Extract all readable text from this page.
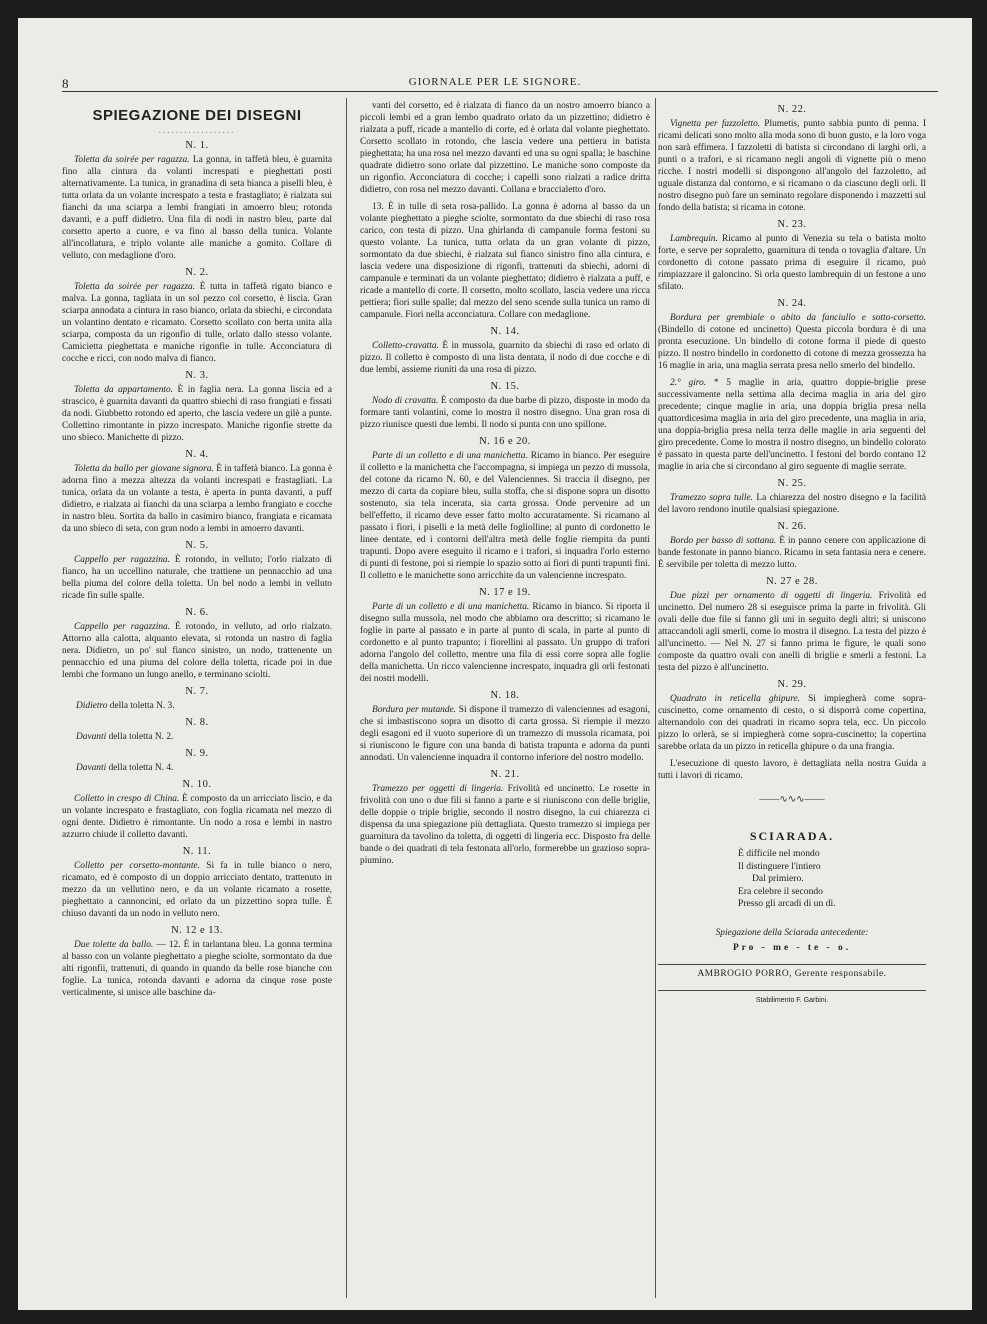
8	GIORNALE PER LE SIGNORE.
SPIEGAZIONE DEI DISEGNI
..................
N. 1.

Toletta da soirée per ragazza. La gonna, in taffetà bleu, è guarnita fino alla cintura da volanti increspati e pieghettati posti alternativamente. La tunica, in granadina di seta bianca a piselli bleu, è tutta orlata da un volante increspato a testa e frastagliato; è rialzata sui fianchi da una sciarpa a lembi frangiati in amoerro bleu; rotonda davanti, e a puff didietro. Una fila di nodi in nastro bleu, parte dal corsetto aperto a cuore, e va fino al basso della tunica. Volante all'incollatura, e triplo volante alle maniche a gomito. Collare di velluto, con medaglione d'oro.

N. 2.

Toletta da soirée per ragazza. È tutta in taffetà rigato bianco e malva. La gonna, tagliata in un sol pezzo col corsetto, è liscia. Gran sciarpa annodata a cintura in raso bianco, orlata da sbiechi, e circondata un volantino dentato e ricamato. Corsetto scollato con berta unita alla sciarpa, composta da un rigonfio di tulle, orlato dallo stesso volante. Camicietta pieghettata e maniche rigonfie in tulle. Acconciatura di cocche e ricci, con nodo malva di fianco.

N. 3.

Toletta da appartamento. È in faglia nera. La gonna liscia ed a strascico, è guarnita davanti da quattro sbiechi di raso frangiati e fissati da nodi. Giubbetto rotondo ed aperto, che lascia vedere un gilè a punte. Collettino rimontante in pizzo increspato. Maniche rigonfie strette da uno sbieco. Manichette di pizzo.

N. 4.

Toletta da ballo per giovane signora. È in taffetà bianco. La gonna è adorna fino a mezza altezza da volanti increspati e frastagliati. La tunica, orlata da un volante a testa, è aperta in punta davanti, a puff didietro, e rialzata ai fianchi da una sciarpa a lembo frangiato e cocche in nastro bleu. Sortita da ballo in casimiro bianco, frangiata e ricamata da uno sbieco di seta, con gran nodo a lembi in amoerro davanti.

N. 5.

Cappello per ragazzina. È rotondo, in velluto; l'orlo rialzato di fianco, ha un uccellino naturale, che trattiene un pennacchio ad una bella piuma del colore della toletta. Un bel nodo a lembi in velluto ricade fin sulle spalle.

N. 6.

Cappello per ragazzina. È rotondo, in velluto, ad orlo rialzato. Attorno alla calotta, alquanto elevata, si rotonda un nastro di faglia nera. Didietro, un po' sul fianco sinistro, un nodo, trattenente un pennacchio ed una piuma del colore della toletta, ricade poi in due lembi che formano un lungo anello, e terminano sciolti.

N. 7.

Didietro della toletta N. 3.

N. 8.

Davanti della toletta N. 2.

N. 9.

Davanti della toletta N. 4.

N. 10.

Colletto in crespo di China. È composto da un arricciato liscio, e da un volante increspato e frastagliato, con foglia ricamata nel mezzo di ogni dente. Didietro è rimontante. Un nodo a rosa e lembi in nastro azzurro chiude il colletto davanti.

N. 11.

Colletto per corsetto-montante. Si fa in tulle bianco o nero, ricamato, ed è composto di un doppio arricciato dentato, trattenuto in mezzo da un vellutino nero, e da un volante ricamato a rosette, pieghettato a cannoncini, ed orlato da un pizzettino sopra tulle. È chiuso davanti da un nodo in velluto nero.

N. 12 e 13.

Due tolette da ballo. — 12. È in tarlantana bleu. La gonna termina al basso con un volante pieghettato a pieghe sciolte, sormontato da due alti rigonfii, trattenuti, di quando in quando da belle rose bianche con foglie. La tunica, rotonda davanti e adorna da cinque rose poste verticalmente, si unisce alle baschine da-

vanti del corsetto, ed è rialzata di fianco da un nostro amoerro bianco a piccoli lembi ed a gran lembo quadrato orlato da un pizzettino; didietro è rialzata a puff, ricade a mantello di corte, ed è orlata dal volante pieghettato. Corsetto scollato in rotondo, che lascia vedere una pettiera in batista pieghettata; ha una rosa nel mezzo davanti ed una su ogni spalla; le baschine quadrate didietro sono orlate dal pizzettino. Le maniche sono composte da un rigonfio. Acconciatura di cocche; i capelli sono rialzati a radice dritta didietro, con rosa nel mezzo davanti. Collana e braccialetto d'oro.

13. È in tulle di seta rosa-pallido. La gonna è adorna al basso da un volante pieghettato a pieghe sciolte, sormontato da due sbiechi di raso rosa carico, con testa di pizzo. Una ghirlanda di campanule forma festoni su questo volante. La tunica, tutta orlata da un gran volante di pizzo, sormontato da due sbiechi, è rialzata sul fianco sinistro fino alla cintura, e lascia vedere una disposizione di rigonfi, trattenuti da sbiechi, adorni di campanule e terminati da un volante pieghettato; didietro è rialzata a puff, e ricade a mantello di corte. Il corsetto, molto scollato, lascia vedere una ricca pettiera; fiori sulle spalle; dal mezzo del seno scende sulla tunica un ramo di campanule. Fiori nella acconciatura. Collare con medaglione.

N. 14.

Colletto-cravatta. È in mussola, guarnito da sbiechi di raso ed orlato di pizzo. Il colletto è composto di una lista dentata, il nodo di due cocche e di due lembi, assieme riuniti da una rosa di pizzo.

N. 15.

Nodo di cravatta. È composto da due barbe di pizzo, disposte in modo da formare tanti volantini, come lo mostra il nostro disegno. Una gran rosa di pizzo riunisce questi due lembi. Il nodo si punta con uno spillone.

N. 16 e 20.

Parte di un colletto e di una manichetta. Ricamo in bianco. Per eseguire il colletto e la manichetta che l'accompagna, si impiega un pezzo di mussola, del cotone da ricamo N. 60, e del Valenciennes. Si traccia il disegno, per mezzo di carta da copiare bleu, sulla stoffa, che si dispone sopra un disotto sostenuto, sia tela incerata, sia carta grossa. Onde pervenire ad un bell'effetto, il ricamo deve esser fatto molto accuratamente. Si ricamano al passato i fiori, i piselli e la metà delle fogliolline; al punto di cordonetto le linee dentate, ed i contorni dell'altra metà delle foglie riempita da punti trapunti. Dopo avere eseguito il ricamo e i trafori, si inquadra l'orlo esterno di punti di festone, poi si riempie lo spazio sotto ai fiori di punti trapunti fini. Il colletto e le manichette sono arricchite da un valencienne increspato.

N. 17 e 19.

Parte di un colletto e di una manichetta. Ricamo in bianco. Si riporta il disegno sulla mussola, nel modo che abbiamo ora descritto; si ricamano le foglie in parte al passato e in parte al punto di scala, in parte al punto di cordonetto e al punto trapunto; i fiorellini al passato. Un gruppo di trafori adorna l'angolo del colletto, mentre una fila di essi corre sopra alle foglie della manichetta. Un ricco valencienne increspato, inquadra gli orli festonati dei nostri modelli.

N. 18.

Bordura per mutande. Si dispone il tramezzo di valenciennes ad esagoni, che si imbastiscono sopra un disotto di carta grossa. Si riempie il mezzo degli esagoni ed il vuoto superiore di un tramezzo di mussola ricamata, poi si riuniscono le figure con una banda di batista trapunta e adorna da punti annodati. Un valencienne inquadra il contorno inferiore del nostro modello.

N. 21.

Tramezzo per oggetti di lingeria. Frivolità ed uncinetto. Le rosette in frivolità con uno o due fili si fanno a parte e si riuniscono con delle briglie, delle doppie o triple briglie, secondo il nostro disegno, la cui chiarezza ci dispensa da una spiegazione più dettagliata. Questo tramezzo si impiega per guarnitura da tavolino da toletta, di oggetti di lingeria ecc. Disposto fra delle bande o dei quadrati di tela festonata all'orlo, formerebbe un grazioso sopra-piumino.

N. 22.

Vignetta per fazzoletto. Plumetis, punto sabbia punto di penna. I ricami delicati sono molto alla moda sono di buon gusto, e la loro voga non sarà effimera. I fazzoletti di batista si circondano di larghi orli, a punti o a trafori, e si ricamano negli angoli di vignette più o meno ricche. I nostri modelli si dispongono all'angolo del fazzoletto, ad uguale distanza dal contorno, e si ricamano o da ciascuno degli orli. Il nostro disegno può fare un seminato regolare disponendo i mazzetti sul fondo della batista; si ricama in cotone.

N. 23.

Lambrequin. Ricamo al punto di Venezia su tela o batista molto forte, e serve per sopraletto, guarnitura di tenda o tovaglia d'altare. Un cordonetto di cotone passato prima di eseguire il ricamo, può rimpiazzare il galoncino. Si orla questo lambrequin di un festone a uno sfilato.

N. 24.

Bordura per grembiale o abito da fanciullo e sotto-corsetto. (Bindello di cotone ed uncinetto) Questa piccola bordura è di una pronta esecuzione. Un bindello di cotone forma il piede di questo pizzo. Il nostro bindello in cordonetto di cotone di mezza grossezza ha 16 maglie in aria, una maglia serrata presa nello smerlo del bindello.

2.° giro. * 5 maglie in aria, quattro doppie-briglie prese successivamente nella settima alla decima maglia in aria del giro precedente; cinque maglie in aria, una doppia briglia presa nella quattordicesima maglia in aria del giro precedente, una maglia in aria, una doppia-briglia presa nella terza delle maglie in aria seguenti del giro precedente. Come lo mostra il nostro disegno, un bindello colorato è passato in questa parte dell'uncinetto. I festoni del bordo contano 12 maglie in aria che si circondano al giro seguente di maglie serrate.

N. 25.

Tramezzo sopra tulle. La chiarezza del nostro disegno e la facilità del lavoro rendono inutile qualsiasi spiegazione.

N. 26.

Bordo per basso di sottana. È in panno cenere con applicazione di bande festonate in panno bianco. Ricamo in seta fantasia nera e cenere. È servibile per toletta di mezzo lutto.

N. 27 e 28.

Due pizzi per ornamento di oggetti di lingeria. Frivolità ed uncinetto. Del numero 28 si eseguisce prima la parte in frivolità. Gli ovali delle due file si fanno gli uni in seguito degli altri; si uniscono attaccandoli agli smerli, come lo mostra il disegno. La testa del pizzo è all'uncinetto. — Nel N. 27 si fanno prima le figure, le quali sono composte da quattro ovali con anelli di briglie e smerli a festoni. La testa del pizzo è all'uncinetto.

N. 29.

Quadrato in reticella ghipure. Si impiegherà come sopra-cuscinetto, come ornamento di cesto, o si disporrà come copertina, alternandolo con dei quadrati in ricamo sopra tela, ecc. Un piccolo pizzo lo orlerà, se si impiegherà come sopra-cuscinetto; la copertina sarebbe orlata da un pizzo in reticella ghipure o da una frangia.

L'esecuzione di questo lavoro, è dettagliata nella nostra Guida a tutti i lavori di ricamo.

——∿∿∿——
SCIARADA.
È difficile nel mondo
Il distinguere l'intiero
Dal primiero.
Era celebre il secondo
Presso gli arcadi di un dì.
Spiegazione della Sciarada antecedente:
Pro - me - te - o.
AMBROGIO PORRO, Gerente responsabile.
Stabilimento F. Garbini.
